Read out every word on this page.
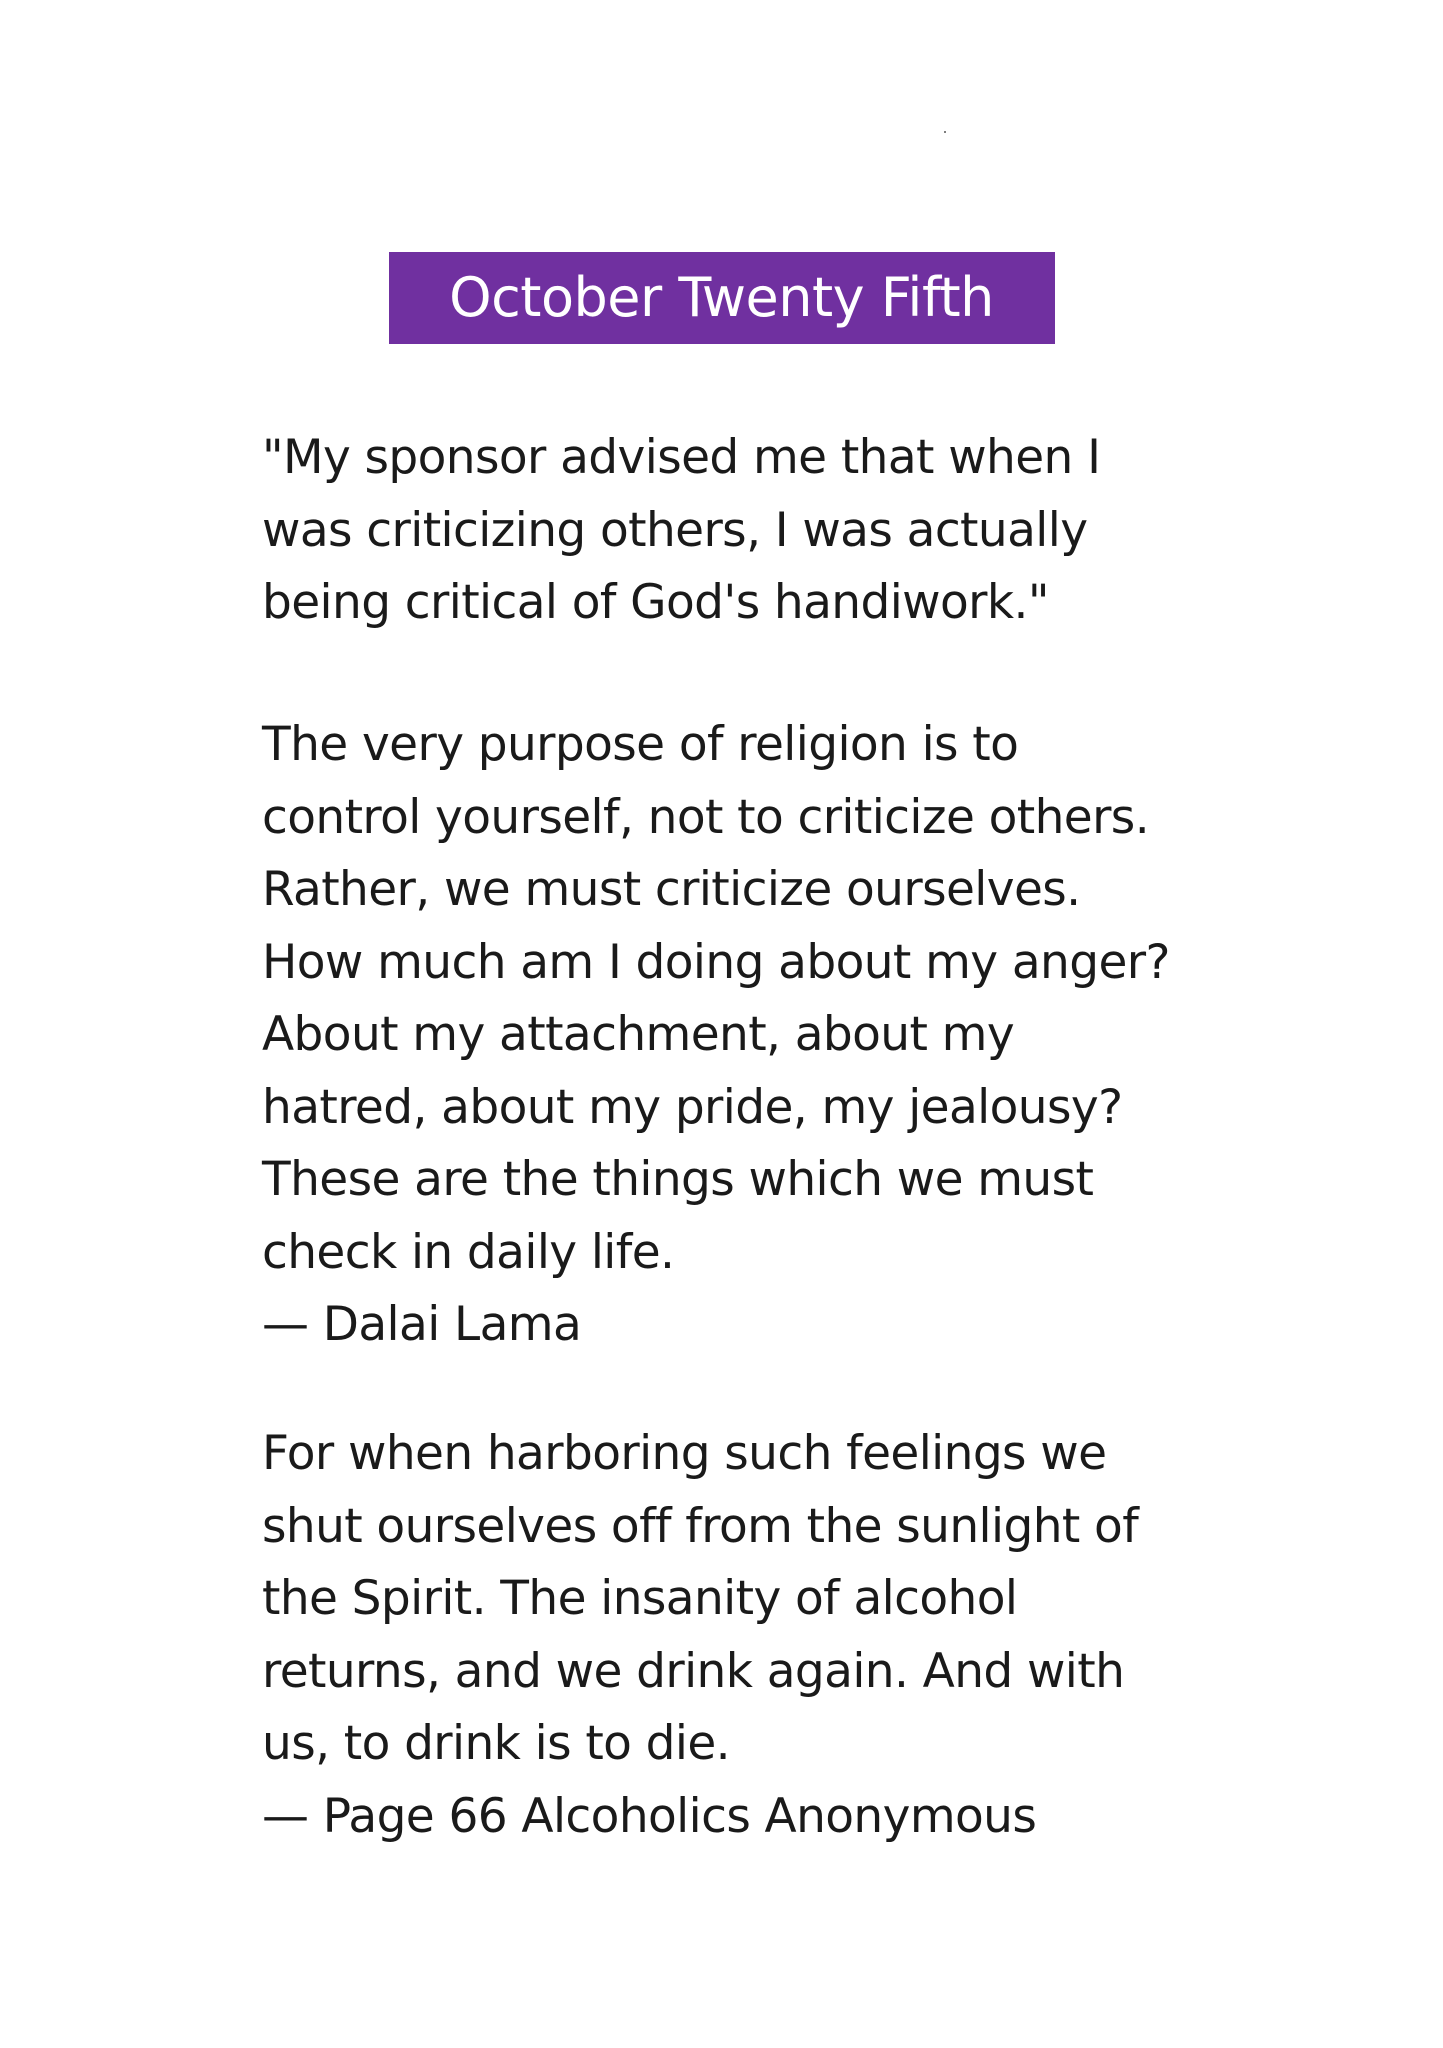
October Twenty Fifth

"My sponsor advised me that when I
was criticizing others, I was actually
being critical of God's handiwork."

The very purpose of religion is to
control yourself, not to criticize others.
Rather, we must criticize ourselves.
How much am I doing about my anger?
About my attachment, about my
hatred, about my pride, my jealousy?
These are the things which we must
check in daily life.
— Dalai Lama

For when harboring such feelings we
shut ourselves off from the sunlight of
the Spirit. The insanity of alcohol
returns, and we drink again. And with
us, to drink is to die.
— Page 66 Alcoholics Anonymous
